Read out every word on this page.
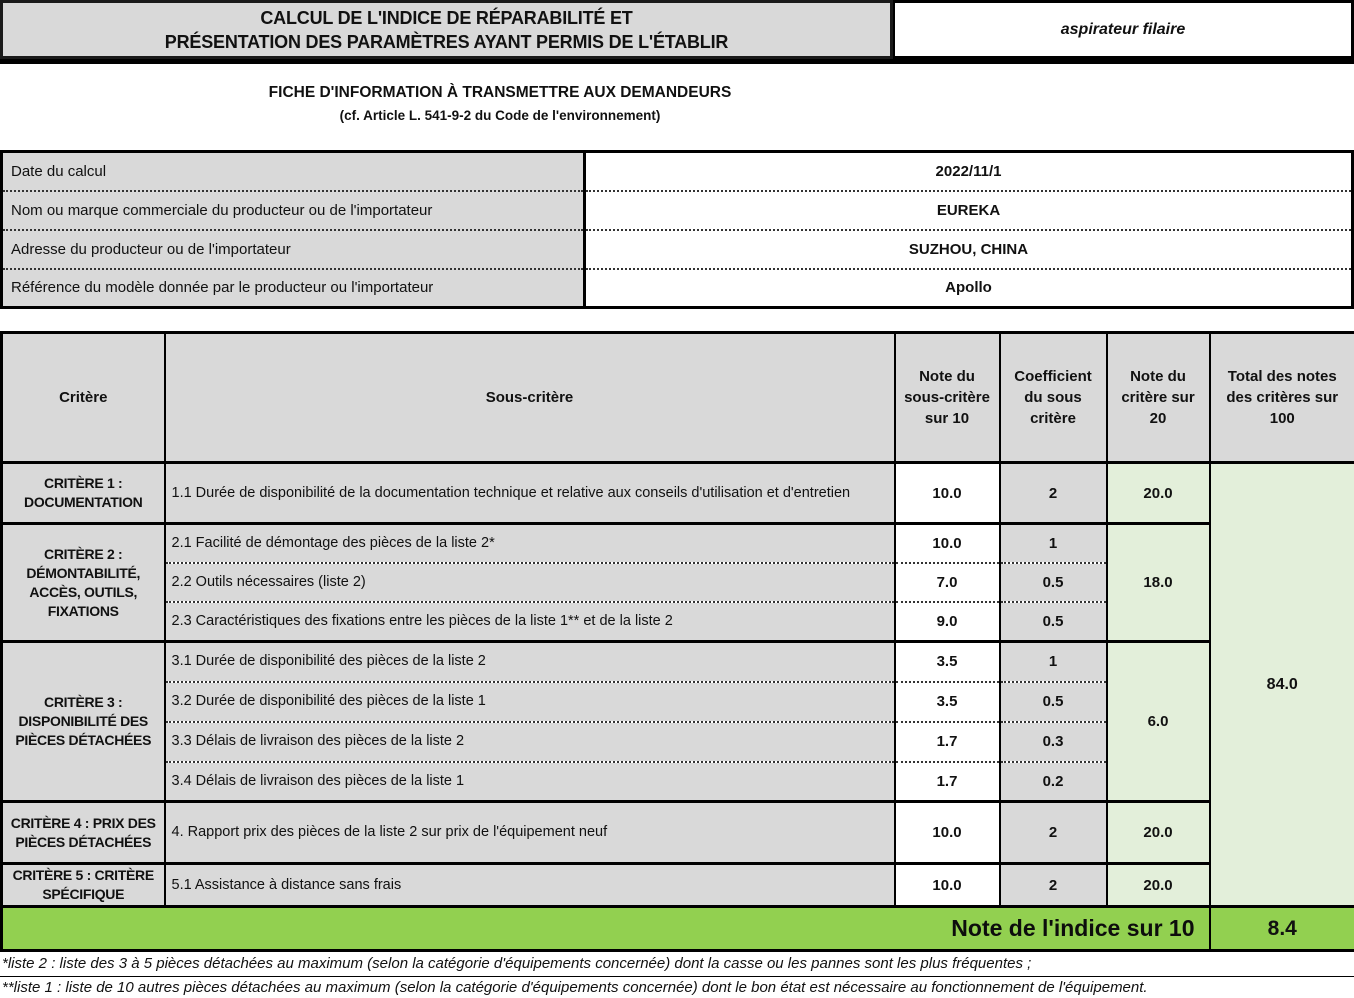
CALCUL DE L'INDICE DE RÉPARABILITÉ ET
PRÉSENTATION DES PARAMÈTRES AYANT PERMIS DE L'ÉTABLIR
aspirateur filaire
FICHE D'INFORMATION À TRANSMETTRE AUX DEMANDEURS
(cf. Article L. 541-9-2 du Code de l'environnement)
Date du calcul	2022/11/1
Nom ou marque commerciale du producteur ou de l'importateur	EUREKA
Adresse du producteur ou de l'importateur	SUZHOU, CHINA
Référence du modèle donnée par le producteur ou l'importateur	Apollo
Critère	Sous-critère	Note du sous-critère sur 10	Coefficient du sous critère	Note du critère sur 20	Total des notes des critères sur 100
CRITÈRE 1 : DOCUMENTATION	1.1 Durée de disponibilité de la documentation technique et relative aux conseils d'utilisation et d'entretien	10.0	2	20.0	84.0
CRITÈRE 2 : DÉMONTABILITÉ, ACCÈS, OUTILS, FIXATIONS	2.1 Facilité de démontage des pièces de la liste 2*	10.0	1	18.0	
	2.2 Outils nécessaires (liste 2)	7.0	0.5		
	2.3 Caractéristiques des fixations entre les pièces de la liste 1** et de la liste 2	9.0	0.5		
CRITÈRE 3 : DISPONIBILITÉ DES PIÈCES DÉTACHÉES	3.1 Durée de disponibilité des pièces de la liste 2	3.5	1	6.0	
	3.2 Durée de disponibilité des pièces de la liste 1	3.5	0.5		
	3.3 Délais de livraison des pièces de la liste 2	1.7	0.3		
	3.4 Délais de livraison des pièces de la liste 1	1.7	0.2		
CRITÈRE 4 : PRIX DES PIÈCES DÉTACHÉES	4. Rapport prix des pièces de la liste 2 sur prix de l'équipement neuf	10.0	2	20.0	
CRITÈRE 5 : CRITÈRE SPÉCIFIQUE	5.1 Assistance à distance sans frais	10.0	2	20.0	
Note de l'indice sur 10					8.4
*liste 2 : liste des 3 à 5 pièces détachées au maximum (selon la catégorie d'équipements concernée) dont la casse ou les pannes sont les plus fréquentes ;
**liste 1 : liste de 10 autres pièces détachées au maximum (selon la catégorie d'équipements concernée) dont le bon état est nécessaire au fonctionnement de l'équipement.
